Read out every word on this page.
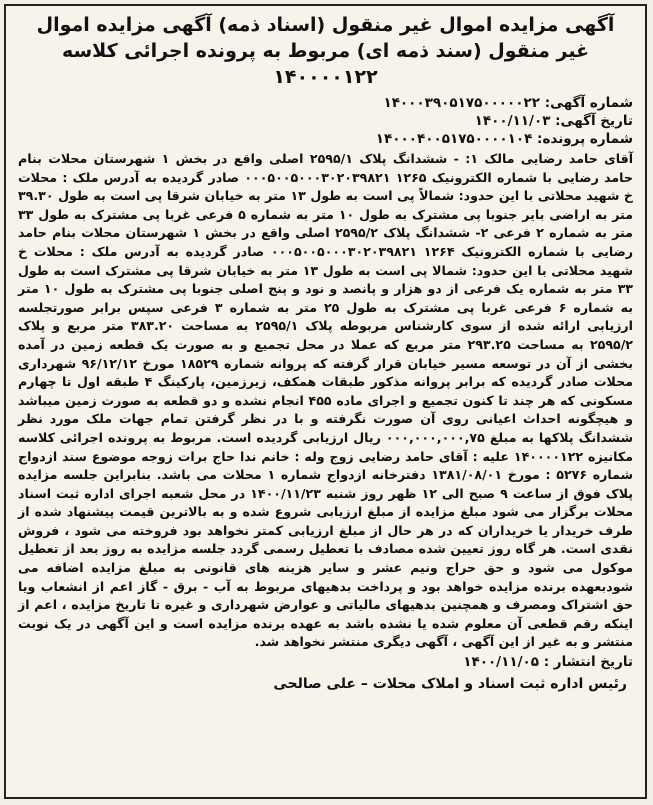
آگهی مزایده اموال غیر منقول (اسناد ذمه) آگهی مزایده اموال غیر منقول (سند ذمه ای) مربوط به پرونده اجرائی کلاسه ۱۴۰۰۰۰۱۲۲
شماره آگهی: ۱۴۰۰۰۳۹۰۵۱۷۵۰۰۰۰۰۲۲
تاریخ آگهی: ۱۴۰۰/۱۱/۰۳
شماره پرونده: ۱۴۰۰۰۴۰۰۵۱۷۵۰۰۰۰۱۰۴
آقای حامد رضایی مالک ۱: - ششدانگ پلاک ۲۵۹۵/۱ اصلی واقع در بخش ۱ شهرستان محلات بنام حامد رضایی با شماره الکترونیک ۱۲۶۵ ۰۰۰۵۰۰۵۰۰۰۳۰۲۰۳۹۸۲۱ صادر گردیده به آدرس ملک : محلات خ شهید محلاتی با این حدود: شمالاً پی است به طول ۱۳ متر به خیابان شرقا پی است به طول ۳۹.۳۰ متر به اراضی بایر جنوبا پی مشترک به طول ۱۰ متر به شماره ۵ فرعی غربا پی مشترک به طول ۳۳ متر به شماره ۲ فرعی ۲- ششدانگ پلاک ۲۵۹۵/۲ اصلی واقع در بخش ۱ شهرستان محلات بنام حامد رضایی با شماره الکترونیک ۱۲۶۴ ۰۰۰۵۰۰۵۰۰۰۳۰۲۰۳۹۸۲۱ صادر گردیده به آدرس ملک : محلات خ شهید محلاتی با این حدود: شمالا پی است به طول ۱۳ متر به خیابان شرقا پی مشترک است به طول ۳۳ متر به شماره یک فرعی از دو هزار و پانصد و نود و پنج اصلی جنوبا پی مشترک به طول ۱۰ متر به شماره ۶ فرعی غربا پی مشترک به طول ۲۵ متر به شماره ۳ فرعی سپس برابر صورتجلسه ارزیابی ارائه شده از سوی کارشناس مربوطه پلاک ۲۵۹۵/۱ به مساحت ۳۸۳.۲۰ متر مربع و پلاک ۲۵۹۵/۲ به مساحت ۲۹۳.۲۵ متر مربع که عملا در محل تجمیع و به صورت یک قطعه زمین در آمده بخشی از آن در توسعه مسیر خیابان قرار گرفته که پروانه شماره ۱۸۵۲۹ مورخ ۹۶/۱۲/۱۲ شهرداری محلات صادر گردیده که برابر پروانه مذکور طبقات همکف، زیرزمین، پارکینگ ۴ طبقه اول تا چهارم مسکونی که هر چند تا کنون تجمیع و اجرای ماده ۴۵۵ انجام نشده و دو قطعه به صورت زمین میباشد و هیچگونه احداث اعیانی روی آن صورت نگرفته و با در نظر گرفتن تمام جهات ملک مورد نظر ششدانگ پلاکها به مبلغ ۰۰۰,۰۰۰,۰۰۰,۷۵ ریال ارزیابی گردیده است. مربوط به پرونده اجرائی کلاسه مکانیزه ۱۴۰۰۰۰۱۲۲ علیه : آقای حامد رضایی زوج وله : خانم ندا حاج برات زوجه موضوع سند ازدواج شماره ۵۲۷۶ : مورخ ۱۳۸۱/۰۸/۰۱ دفترخانه ازدواج شماره ۱ محلات می باشد. بنابراین جلسه مزایده پلاک فوق از ساعت ۹ صبح الی ۱۲ ظهر روز شنبه ۱۴۰۰/۱۱/۲۳ در محل شعبه اجرای اداره ثبت اسناد محلات برگزار می شود مبلغ مزایده از مبلغ ارزیابی شروع شده و به بالاترین قیمت پیشنهاد شده از طرف خریدار یا خریداران که در هر حال از مبلغ ارزیابی کمتر نخواهد بود فروخته می شود ، فروش نقدی است. هر گاه روز تعیین شده مصادف با تعطیل رسمی گردد جلسه مزایده به روز بعد از تعطیل موکول می شود و حق حراج ونیم عشر و سایر هزینه های قانونی به مبلغ مزایده اضافه می شودبعهده برنده مزایده خواهد بود و پرداخت بدهیهای مربوط به آب - برق - گاز اعم از انشعاب ویا حق اشتراک ومصرف و همچنین بدهیهای مالیاتی و عوارض شهرداری و غیره تا تاریخ مزایده ، اعم از اینکه رقم قطعی آن معلوم شده یا نشده باشد به عهده برنده مزایده است و این آگهی در یک نوبت منتشر و به غیر از این آگهی ، آگهی دیگری منتشر نخواهد شد.
تاریخ انتشار : ۱۴۰۰/۱۱/۰۵
رئیس اداره ثبت اسناد و املاک محلات – علی صالحی
